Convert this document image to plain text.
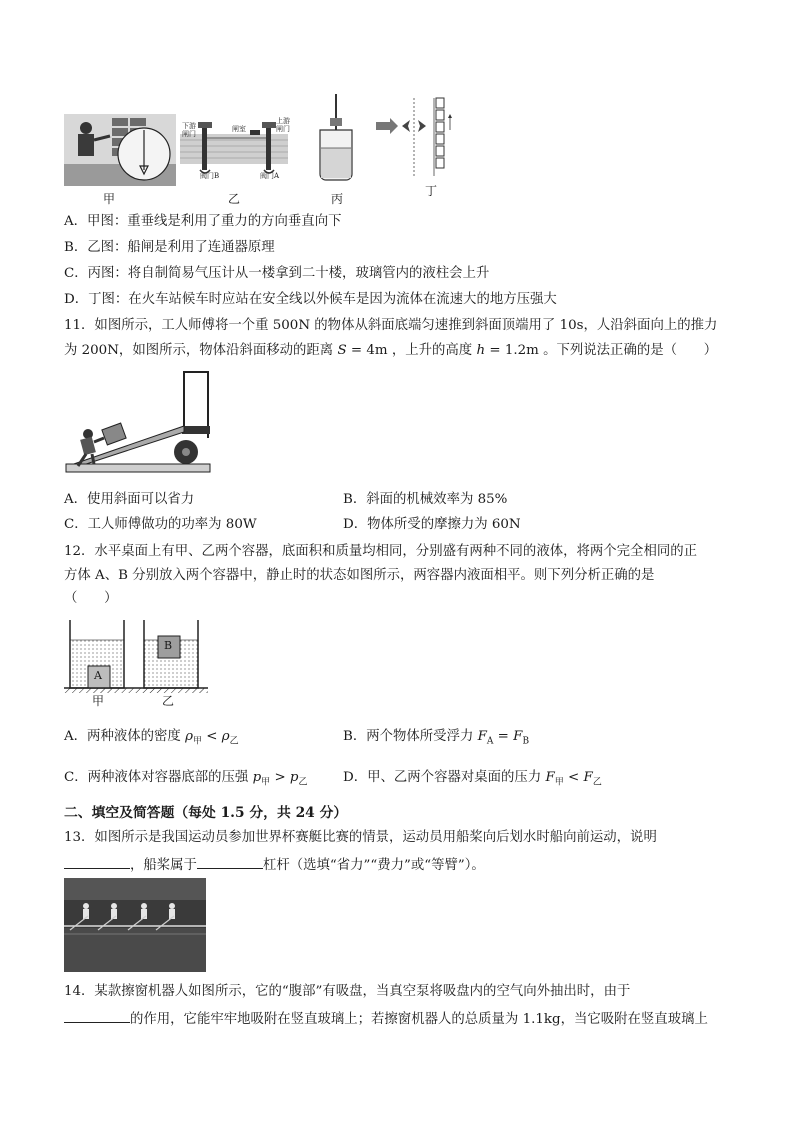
甲
下游
闸门
闸室
上游
闸门
阀门B	阀门A
乙	丙
丁
A．甲图：重垂线是利用了重力的方向垂直向下
B．乙图：船闸是利用了连通器原理
C．丙图：将自制简易气压计从一楼拿到二十楼，玻璃管内的液柱会上升
D．丁图：在火车站候车时应站在安全线以外候车是因为流体在流速大的地方压强大
11．如图所示，工人师傅将一个重 500N 的物体从斜面底端匀速推到斜面顶端用了 10s，人沿斜面向上的推力
为 200N，如图所示，物体沿斜面移动的距离 S = 4m ，上升的高度 h = 1.2m 。下列说法正确的是（　　）
A．使用斜面可以省力	B．斜面的机械效率为 85%
C．工人师傅做功的功率为 80W	D．物体所受的摩擦力为 60N
12．水平桌面上有甲、乙两个容器，底面积和质量均相同，分别盛有两种不同的液体，将两个完全相同的正
方体 A、B 分别放入两个容器中，静止时的状态如图所示，两容器内液面相平。则下列分析正确的是
（　　）
A
B
甲	乙
A．两种液体的密度 $\rho_甲 < \rho_乙$	B．两个物体所受浮力 $F_A = F_B$
C．两种液体对容器底部的压强 $p_甲 > p_乙$	D．甲、乙两个容器对桌面的压力 $F_甲 < F_乙$
二、填空及简答题（每处 1.5 分，共 24 分）
13．如图所示是我国运动员参加世界杯赛艇比赛的情景，运动员用船桨向后划水时船向前运动，说明
，船桨属于	杠杆（选填“省力”“费力”或“等臂”）。
14．某款擦窗机器人如图所示，它的“腹部”有吸盘，当真空泵将吸盘内的空气向外抽出时，由于
的作用，它能牢牢地吸附在竖直玻璃上；若擦窗机器人的总质量为 1.1kg，当它吸附在竖直玻璃上
